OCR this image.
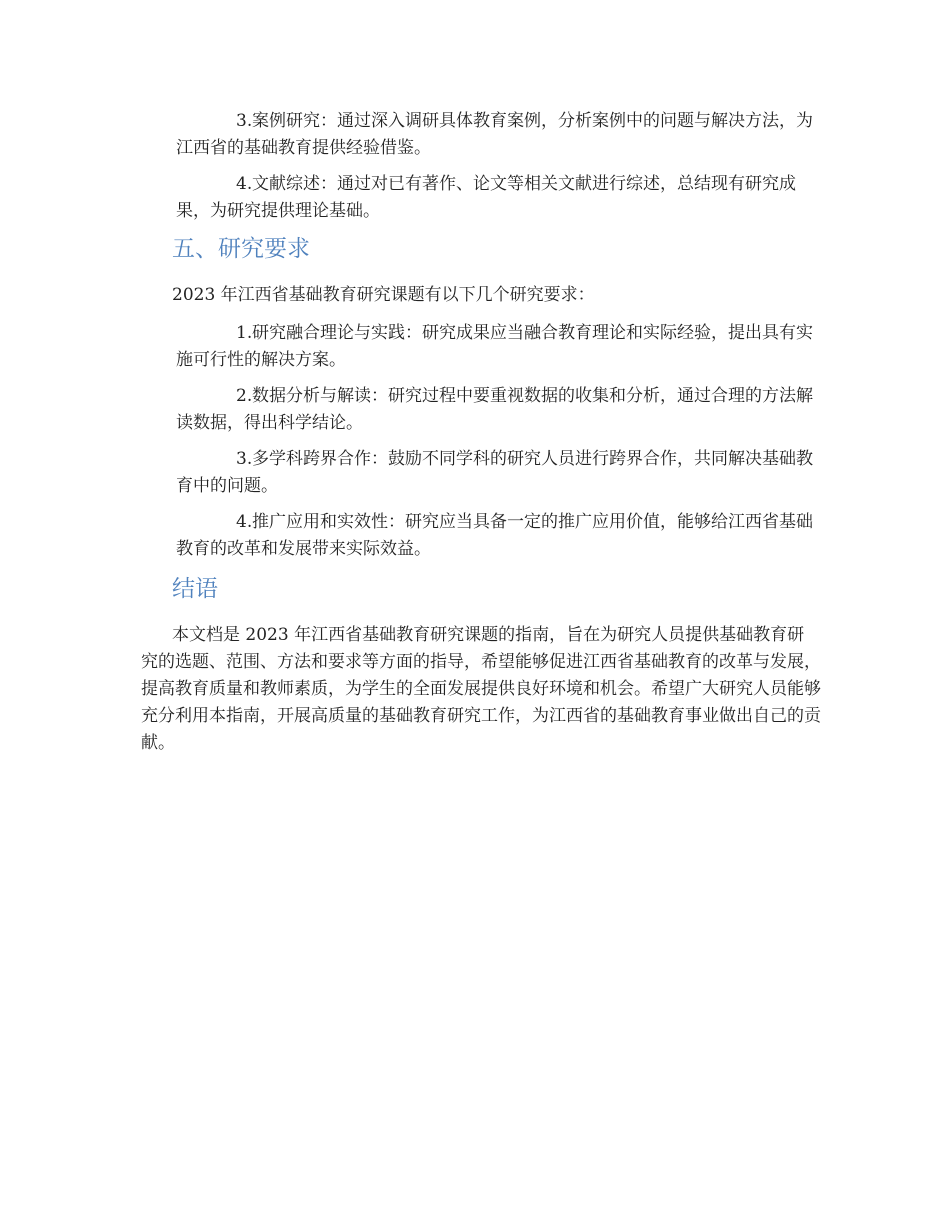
3.案例研究：通过深入调研具体教育案例，分析案例中的问题与解决方法，为江西省的基础教育提供经验借鉴。
4.文献综述：通过对已有著作、论文等相关文献进行综述，总结现有研究成果，为研究提供理论基础。
五、研究要求
2023 年江西省基础教育研究课题有以下几个研究要求：
1.研究融合理论与实践：研究成果应当融合教育理论和实际经验，提出具有实施可行性的解决方案。
2.数据分析与解读：研究过程中要重视数据的收集和分析，通过合理的方法解读数据，得出科学结论。
3.多学科跨界合作：鼓励不同学科的研究人员进行跨界合作，共同解决基础教育中的问题。
4.推广应用和实效性：研究应当具备一定的推广应用价值，能够给江西省基础教育的改革和发展带来实际效益。
结语
本文档是 2023 年江西省基础教育研究课题的指南，旨在为研究人员提供基础教育研究的选题、范围、方法和要求等方面的指导，希望能够促进江西省基础教育的改革与发展，提高教育质量和教师素质，为学生的全面发展提供良好环境和机会。希望广大研究人员能够充分利用本指南，开展高质量的基础教育研究工作，为江西省的基础教育事业做出自己的贡献。
